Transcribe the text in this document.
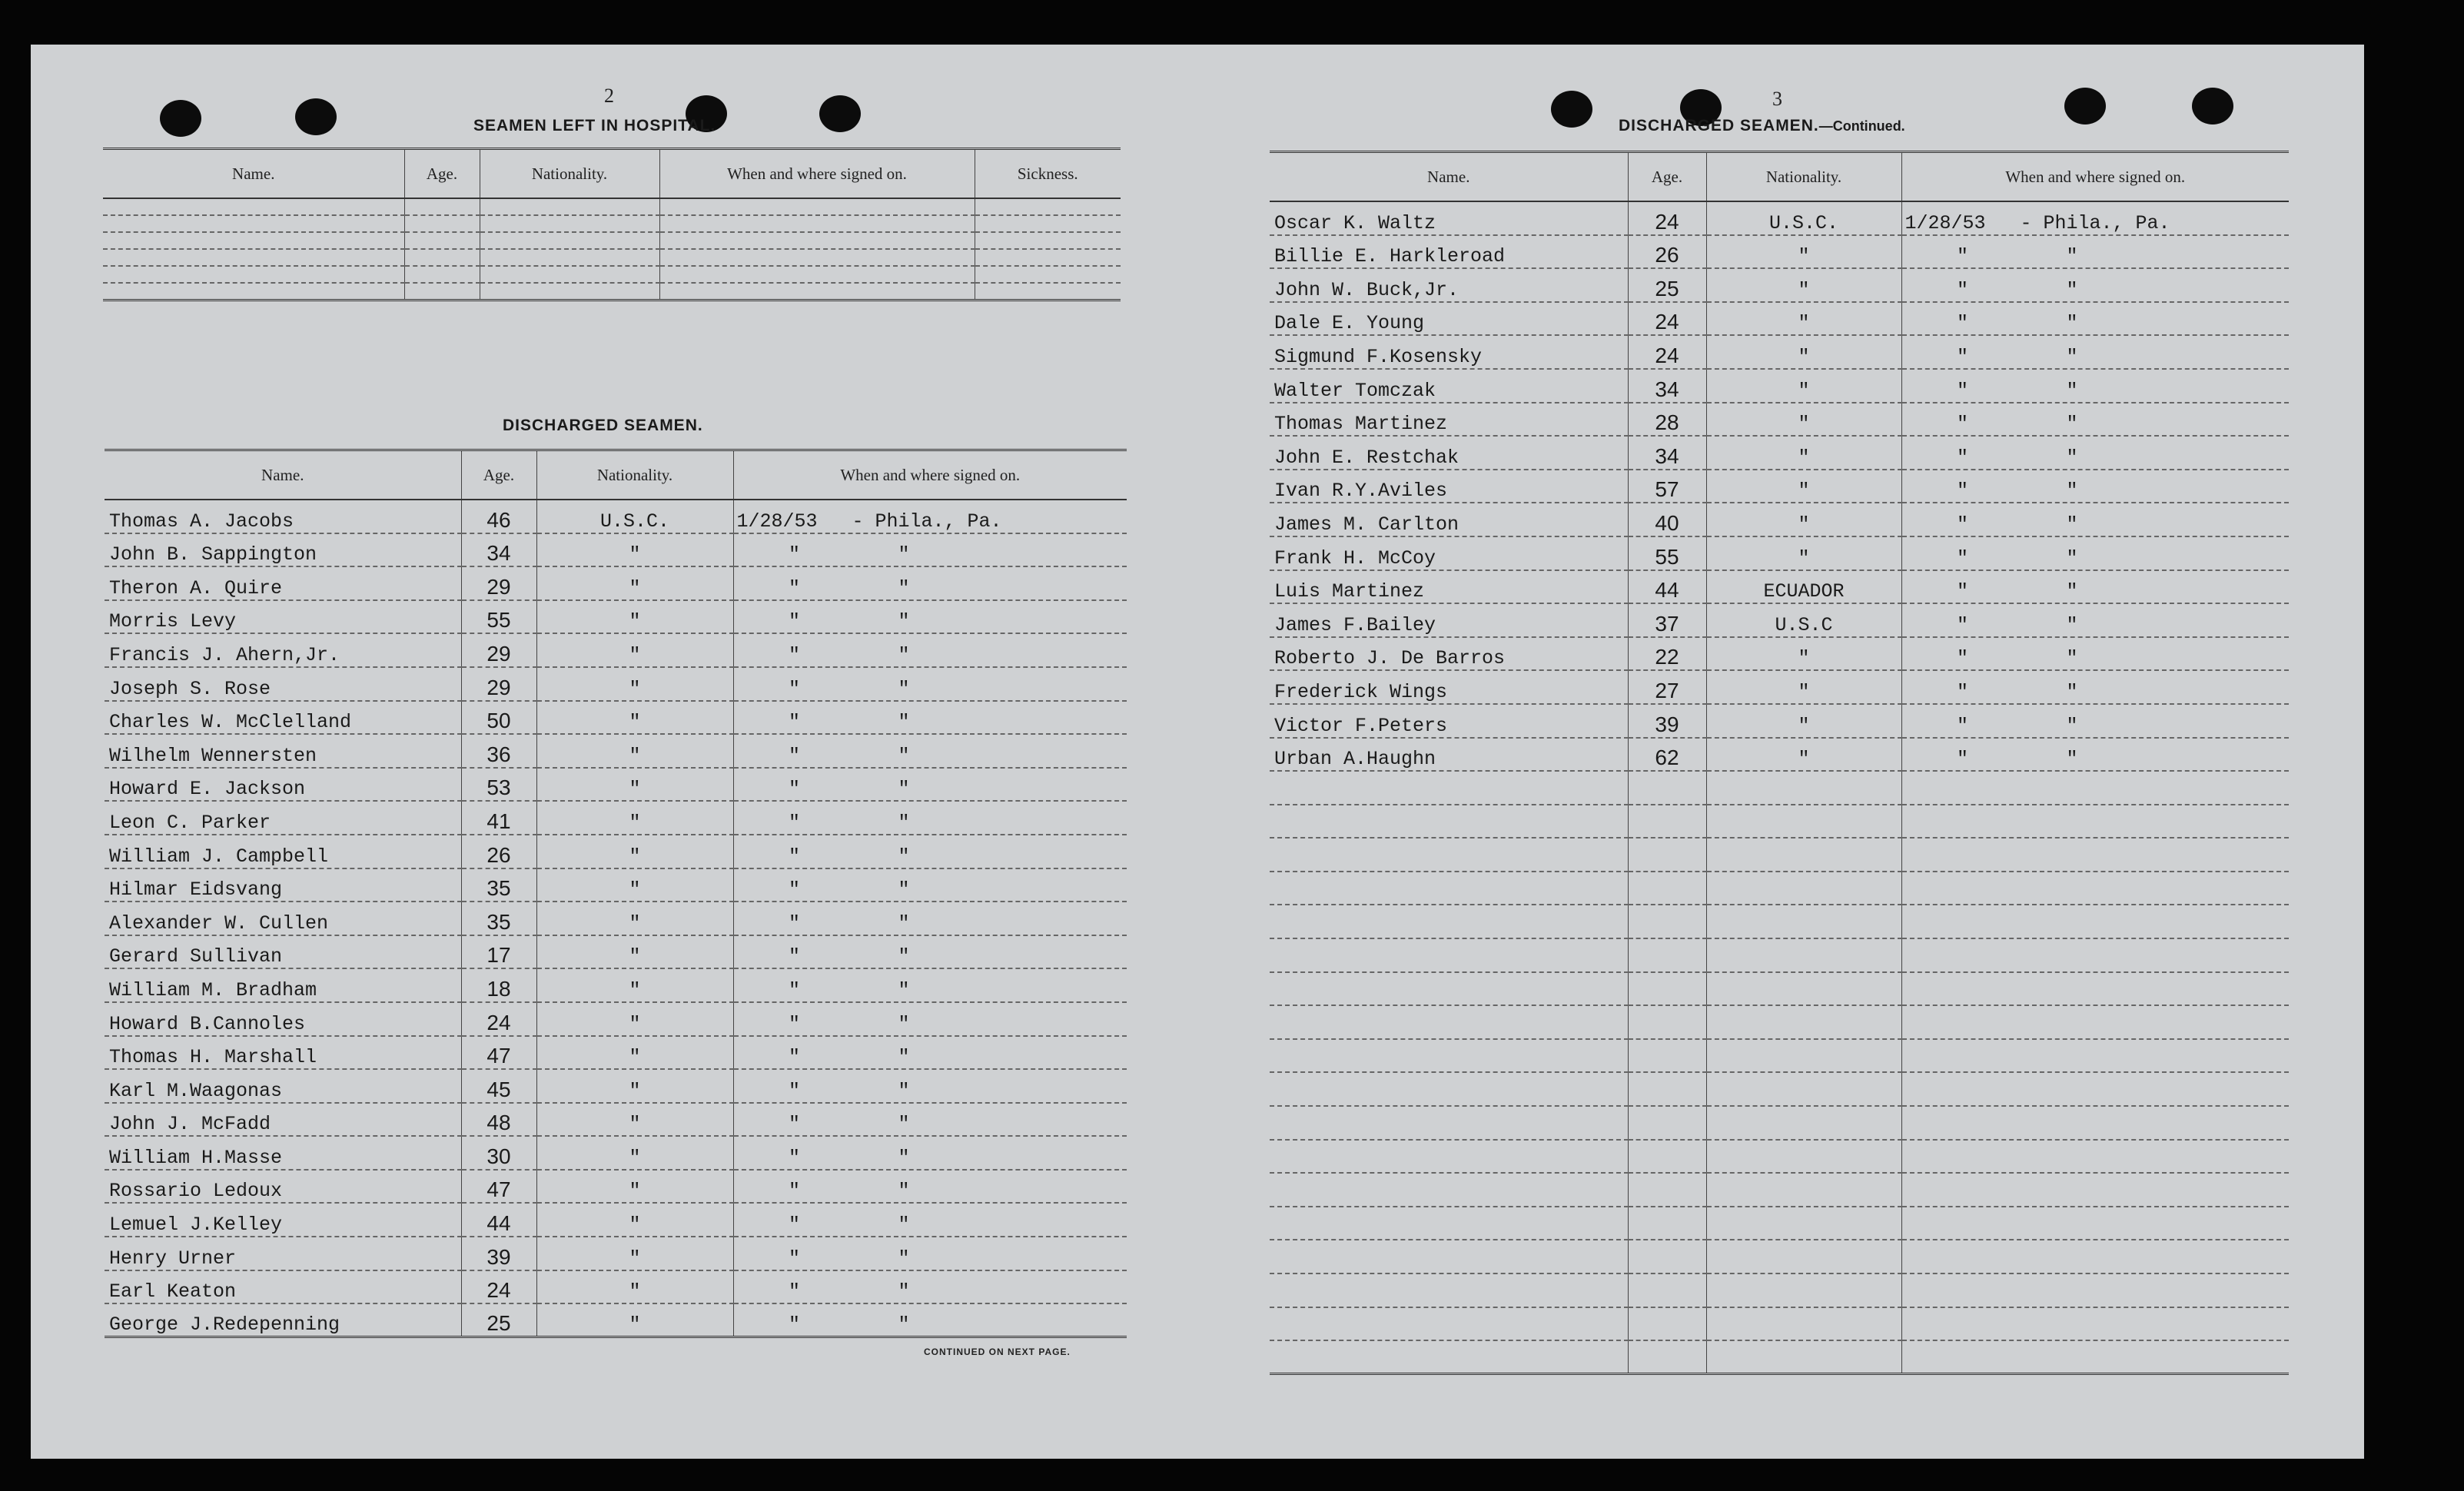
2
SEAMEN LEFT IN HOSPITAL.
Name.	Age.	Nationality.	When and where signed on.	Sickness.

DISCHARGED SEAMEN.
Name.	Age.	Nationality.	When and where signed on.
Thomas A. Jacobs	46	U.S.C.	1/28/53 - Phila., Pa.
John B. Sappington	34	"	" "
Theron A. Quire	29	"	" "
Morris Levy	55	"	" "
Francis J. Ahern,Jr.	29	"	" "
Joseph S. Rose	29	"	" "
Charles W. McClelland	50	"	" "
Wilhelm Wennersten	36	"	" "
Howard E. Jackson	53	"	" "
Leon C. Parker	41	"	" "
William J. Campbell	26	"	" "
Hilmar Eidsvang	35	"	" "
Alexander W. Cullen	35	"	" "
Gerard Sullivan	17	"	" "
William M. Bradham	18	"	" "
Howard B.Cannoles	24	"	" "
Thomas H. Marshall	47	"	" "
Karl M.Waagonas	45	"	" "
John J. McFadd	48	"	" "
William H.Masse	30	"	" "
Rossario Ledoux	47	"	" "
Lemuel J.Kelley	44	"	" "
Henry Urner	39	"	" "
Earl Keaton	24	"	" "
George J.Redepenning	25	"	" "
CONTINUED ON NEXT PAGE.
3
DISCHARGED SEAMEN.—Continued.
Name.	Age.	Nationality.	When and where signed on.
Oscar K. Waltz	24	U.S.C.	1/28/53 - Phila., Pa.
Billie E. Harkleroad	26	"	" "
John W. Buck,Jr.	25	"	" "
Dale E. Young	24	"	" "
Sigmund F.Kosensky	24	"	" "
Walter Tomczak	34	"	" "
Thomas Martinez	28	"	" "
John E. Restchak	34	"	" "
Ivan R.Y.Aviles	57	"	" "
James M. Carlton	40	"	" "
Frank H. McCoy	55	"	" "
Luis Martinez	44	ECUADOR	" "
James F.Bailey	37	U.S.C	" "
Roberto J. De Barros	22	"	" "
Frederick Wings	27	"	" "
Victor F.Peters	39	"	" "
Urban A.Haughn	62	"	" "
